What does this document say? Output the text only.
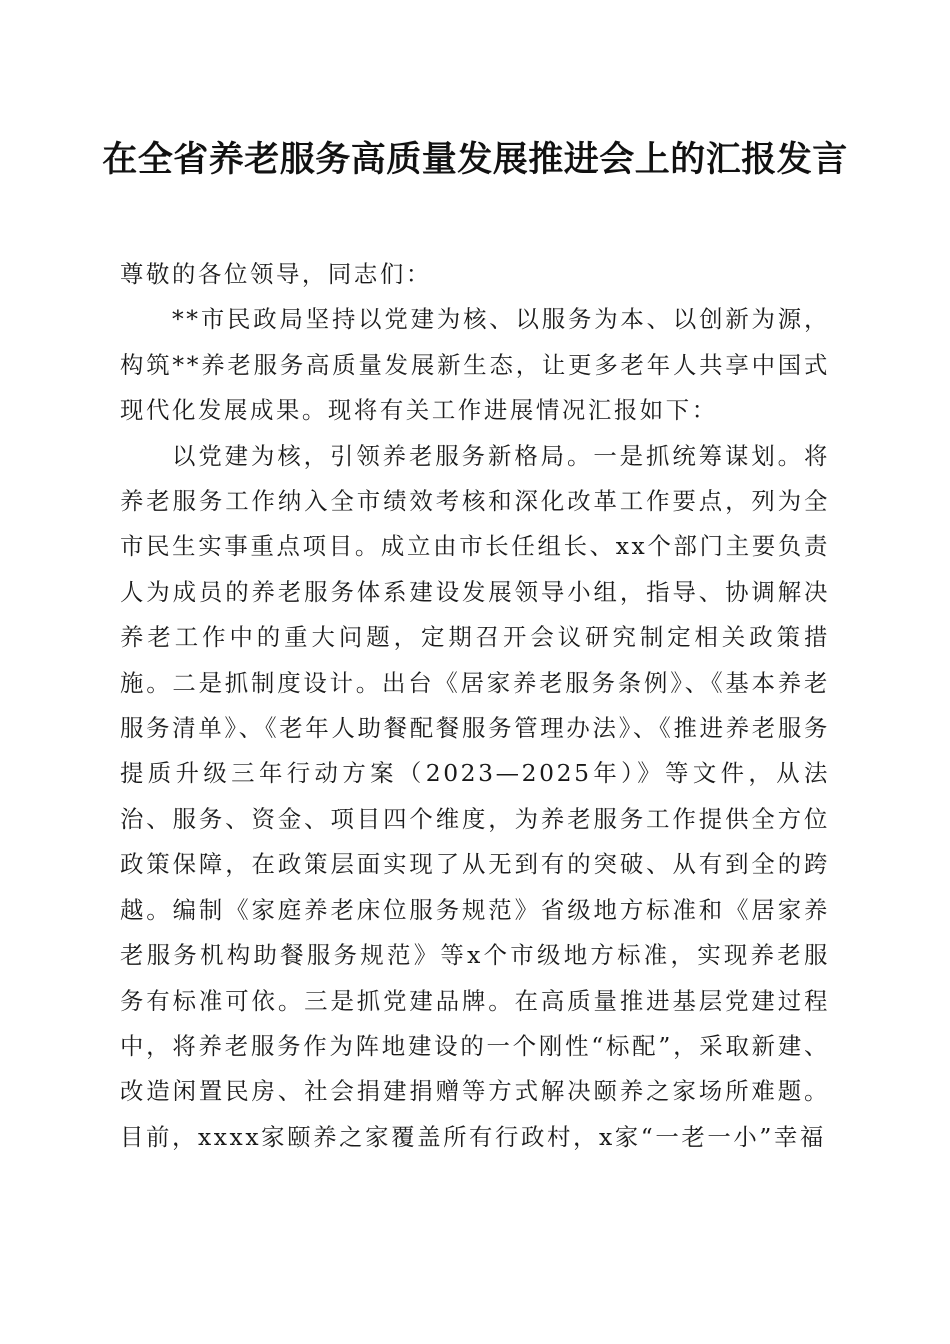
在全省养老服务高质量发展推进会上的汇报发言

尊敬的各位领导，同志们：

**市民政局坚持以党建为核、以服务为本、以创新为源，构筑**养老服务高质量发展新生态，让更多老年人共享中国式现代化发展成果。现将有关工作进展情况汇报如下：

以党建为核，引领养老服务新格局。一是抓统筹谋划。将养老服务工作纳入全市绩效考核和深化改革工作要点，列为全市民生实事重点项目。成立由市长任组长、xx个部门主要负责人为成员的养老服务体系建设发展领导小组，指导、协调解决养老工作中的重大问题，定期召开会议研究制定相关政策措施。二是抓制度设计。出台《居家养老服务条例》、《基本养老服务清单》、《老年人助餐配餐服务管理办法》、《推进养老服务提质升级三年行动方案（2023—2025年）》等文件，从法治、服务、资金、项目四个维度，为养老服务工作提供全方位政策保障，在政策层面实现了从无到有的突破、从有到全的跨越。编制《家庭养老床位服务规范》省级地方标准和《居家养老服务机构助餐服务规范》等x个市级地方标准，实现养老服务有标准可依。三是抓党建品牌。在高质量推进基层党建过程中，将养老服务作为阵地建设的一个刚性“标配”，采取新建、改造闲置民房、社会捐建捐赠等方式解决颐养之家场所难题。目前，xxxx家颐养之家覆盖所有行政村，x家“一老一小”幸福
